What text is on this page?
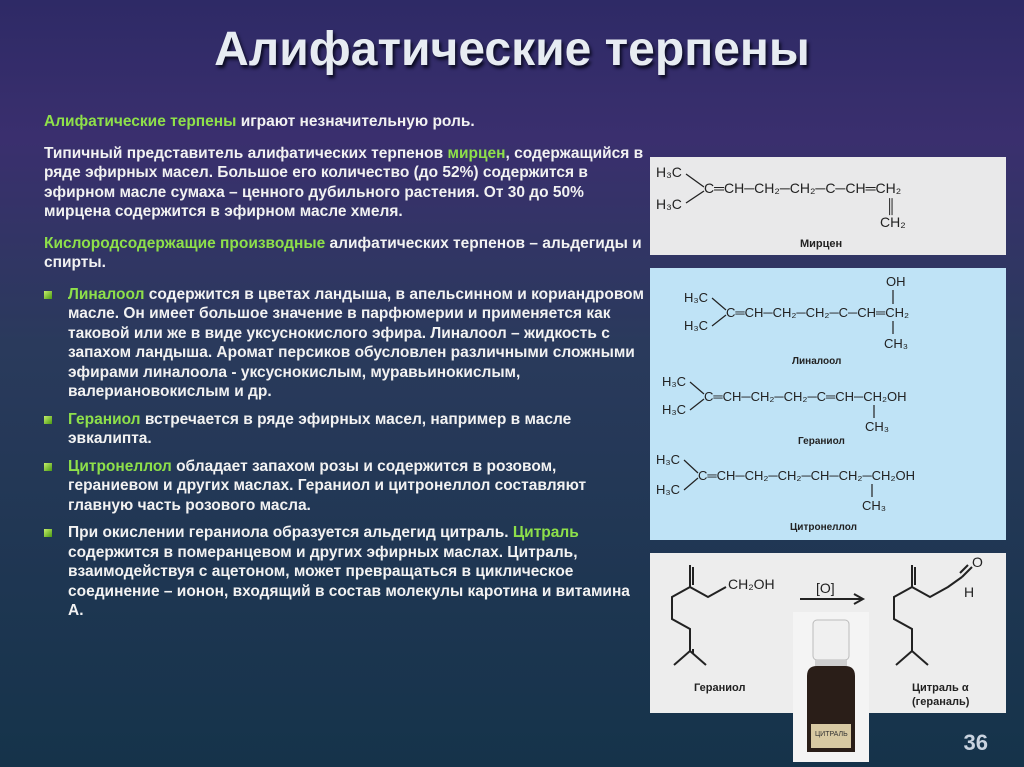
Алифатические терпены

Алифатические терпены играют незначительную роль.

Типичный представитель алифатических терпенов мирцен, содержащийся в ряде эфирных масел. Большое его количество (до 52%) содержится в эфирном масле сумаха – ценного дубильного растения. От 30 до 50% мирцена содержится в эфирном масле хмеля.

Кислородсодержащие производные алифатических терпенов – альдегиды и спирты.

Линалоол содержится в цветах ландыша, в апельсинном и кориандровом масле. Он имеет большое значение в парфюмерии и применяется как таковой или же в виде уксуснокислого эфира. Линалоол – жидкость с запахом ландыша. Аромат персиков обусловлен различными сложными эфирами линалоола - уксуснокислым, муравьинокислым, валериановокислым и др.
Гераниол встречается в ряде эфирных масел, например в масле эвкалипта.
Цитронеллол обладает запахом розы и содержится в розовом, гераниевом и других маслах. Гераниол и цитронеллол составляют главную часть розового масла.
При окислении гераниола образуется альдегид цитраль. Цитраль содержится в померанцевом и других эфирных маслах. Цитраль, взаимодействуя с ацетоном, может превращаться в циклическое соединение – ионон, входящий в состав молекулы каротина и витамина А.
H₃C
H₃C
C═CH─CH₂─CH₂─C─CH═CH₂
║
CH₂
Мирцен
OH
H₃C
H₃C
C═CH─CH₂─CH₂─C─CH═CH₂
CH₃
Линалоол
H₃C
H₃C
C═CH─CH₂─CH₂─C═CH─CH₂OH
CH₃
Гераниол
H₃C
H₃C
C═CH─CH₂─CH₂─CH─CH₂─CH₂OH
CH₃
Цитронеллол
CH₂OH	[O]
O
H
Гераниол	Цитраль α
(гераналь)
ЦИТРАЛЬ	36
